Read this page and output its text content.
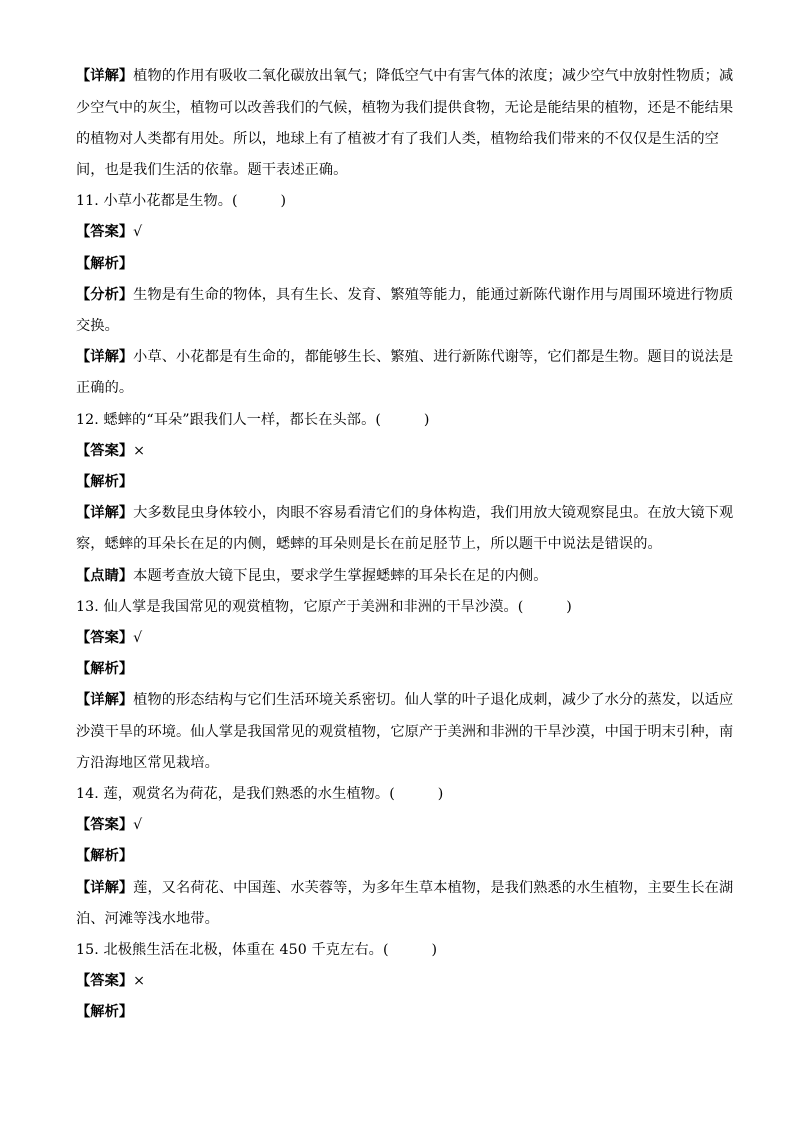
【详解】植物的作用有吸收二氧化碳放出氧气；降低空气中有害气体的浓度；减少空气中放射性物质；减
少空气中的灰尘，植物可以改善我们的气候，植物为我们提供食物，无论是能结果的植物，还是不能结果
的植物对人类都有用处。所以，地球上有了植被才有了我们人类，植物给我们带来的不仅仅是生活的空
间，也是我们生活的依靠。题干表述正确。
11. 小草小花都是生物。(　　　)
【答案】√
【解析】
【分析】生物是有生命的物体，具有生长、发育、繁殖等能力，能通过新陈代谢作用与周围环境进行物质
交换。
【详解】小草、小花都是有生命的，都能够生长、繁殖、进行新陈代谢等，它们都是生物。题目的说法是
正确的。
12. 蟋蟀的“耳朵”跟我们人一样，都长在头部。(　　　)
【答案】×
【解析】
【详解】大多数昆虫身体较小，肉眼不容易看清它们的身体构造，我们用放大镜观察昆虫。在放大镜下观
察，蟋蟀的耳朵长在足的内侧，蟋蟀的耳朵则是长在前足胫节上，所以题干中说法是错误的。
【点睛】本题考查放大镜下昆虫，要求学生掌握蟋蟀的耳朵长在足的内侧。
13. 仙人掌是我国常见的观赏植物，它原产于美洲和非洲的干旱沙漠。(　　　)
【答案】√
【解析】
【详解】植物的形态结构与它们生活环境关系密切。仙人掌的叶子退化成刺，减少了水分的蒸发，以适应
沙漠干旱的环境。仙人掌是我国常见的观赏植物，它原产于美洲和非洲的干旱沙漠，中国于明末引种，南
方沿海地区常见栽培。
14. 莲，观赏名为荷花，是我们熟悉的水生植物。(　　　)
【答案】√
【解析】
【详解】莲，又名荷花、中国莲、水芙蓉等，为多年生草本植物，是我们熟悉的水生植物，主要生长在湖
泊、河滩等浅水地带。
15. 北极熊生活在北极，体重在 450 千克左右。(　　　)
【答案】×
【解析】
